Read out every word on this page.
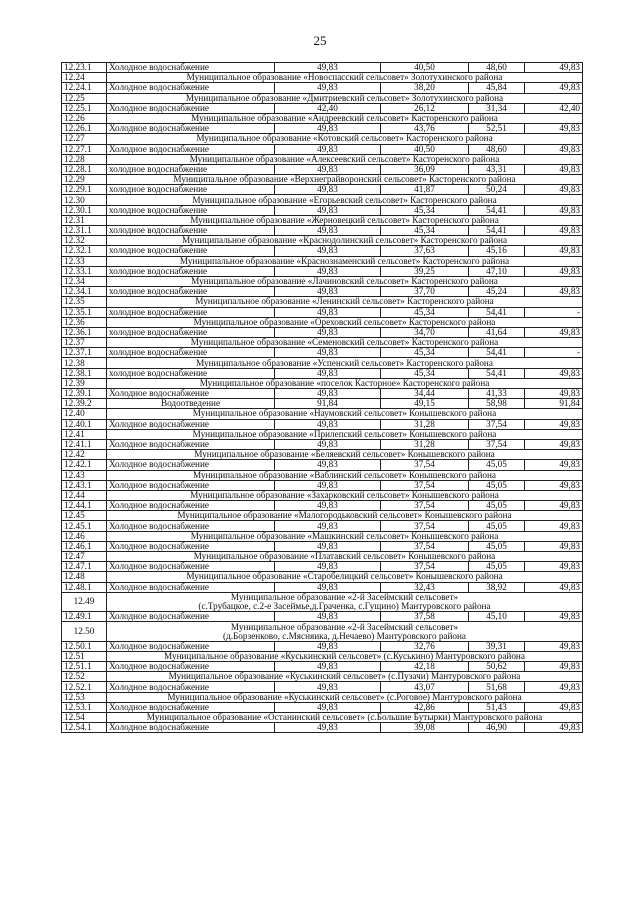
25
12.23.1	Холодное водоснабжение	49,83	40,50	48,60	49,83
12.24	Муниципальное образование «Новоспасский сельсовет» Золотухинского района				
12.24.1	Холодное водоснабжение	49,83	38,20	45,84	49,83
12.25	Муниципальное образование «Дмитриевский сельсовет» Золотухинского района				
12.25.1	Холодное водоснабжение	42,40	26,12	31,34	42,40
12.26	Муниципальное образование «Андреевский сельсовет» Касторенского района				
12.26.1	Холодное водоснабжение	49,83	43,76	52,51	49,83
12.27	Муниципальное образование «Котовский сельсовет» Касторенского района				
12.27.1	Холодное водоснабжение	49,83	40,50	48,60	49,83
12.28	Муниципальное образование «Алексеевский сельсовет» Касторенского района				
12.28.1	холодное водоснабжение	49,83	36,09	43,31	49,83
12.29	Муниципальное образование «Верхнеграйворонский сельсовет» Касторенского района				
12.29.1	холодное водоснабжение	49,83	41,87	50,24	49,83
12.30	Муниципальное образование «Егорьевский сельсовет» Касторенского района				
12.30.1	холодное водоснабжение	49,83	45,34	54,41	49,83
12.31	Муниципальное образование «Жерновецкий сельсовет» Касторенского района				
12.31.1	холодное водоснабжение	49,83	45,34	54,41	49,83
12.32	Муниципальное образование «Краснодолинский сельсовет» Касторенского района				
12.32.1	холодное водоснабжение	49,83	37,63	45,16	49,83
12.33	Муниципальное образование «Краснознаменский сельсовет» Касторенского района				
12.33.1	холодное водоснабжение	49,83	39,25	47,10	49,83
12.34	Муниципальное образование «Лачиновский сельсовет» Касторенского района				
12.34.1	холодное водоснабжение	49,83	37,70	45,24	49,83
12.35	Муниципальное образование «Ленинский сельсовет» Касторенского района				
12.35.1	холодное водоснабжение	49,83	45,34	54,41	-
12.36	Муниципальное образование «Ореховский сельсовет» Касторенского района				
12.36.1	холодное водоснабжение	49,83	34,70	41,64	49,83
12.37	Муниципальное образование «Семеновский сельсовет» Касторенского района				
12.37.1	холодное водоснабжение	49,83	45,34	54,41	-
12.38	Муниципальное образование «Успенский сельсовет» Касторенского района				
12.38.1	холодное водоснабжение	49,83	45,34	54,41	49,83
12.39	Муниципальное образование «поселок Касторное» Касторенского района				
12.39.1	Холодное водоснабжение	49,83	34,44	41,33	49,83
12.39.2	Водоотведение	91,84	49,15	58,98	91,84
12.40	Муниципальное образование «Наумовский сельсовет» Конышевского района				
12.40.1	Холодное водоснабжение	49,83	31,28	37,54	49,83
12.41	Муниципальное образование «Прилепский сельсовет» Конышевского района				
12.41.1	Холодное водоснабжение	49,83	31,28	37,54	49,83
12.42	Муниципальное образование «Беляевский сельсовет» Конышевского района				
12.42.1	Холодное водоснабжение	49,83	37,54	45,05	49,83
12.43	Муниципальное образование «Ваблинский сельсовет» Конышевского района				
12.43.1	Холодное водоснабжение	49,83	37,54	45,05	49,83
12.44	Муниципальное образование «Захарковский сельсовет» Конышевского района				
12.44.1	Холодное водоснабжение	49,83	37,54	45,05	49,83
12.45	Муниципальное образование «Малогородьковский сельсовет» Конышевского района				
12.45.1	Холодное водоснабжение	49,83	37,54	45,05	49,83
12.46	Муниципальное образование «Машкинский сельсовет» Конышевского района				
12.46.1	Холодное водоснабжение	49,83	37,54	45,05	49,83
12.47	Муниципальное образование «Платавский сельсовет» Конышевского района				
12.47.1	Холодное водоснабжение	49,83	37,54	45,05	49,83
12.48	Муниципальное образование «Старобелицкий сельсовет» Конышевского района				
12.48.1	Холодное водоснабжение	49,83	32,43	38,92	49,83
12.49	Муниципальное образование «2-й Засеймский сельсовет»
(с.Трубацкое, с.2-е Засеймье,д.Граченка, с.Гущино) Мантуровского района				

12.49.1	Холодное водоснабжение	49,83	37,58	45,10	49,83
12.50	Муниципальное образование «2-й Засеймский сельсовет»
(д.Борзенково, с.Мясняика, д.Нечаево) Мантуровского района				

12.50.1	Холодное водоснабжение	49,83	32,76	39,31	49,83
12.51	Муниципальное образование «Куськинский сельсовет» (с.Куськино) Мантуровского района				
12.51.1	Холодное водоснабжение	49,83	42,18	50,62	49,83
12.52	Муниципальное образование «Куськинский сельсовет» (с.Пузачи) Мантуровского района				
12.52.1	Холодное водоснабжение	49,83	43,07	51,68	49,83
12.53	Муниципальное образование «Куськинский сельсовет» (с.Роговое) Мантуровского района				
12.53.1	Холодное водоснабжение	49,83	42,86	51,43	49,83
12.54	Муниципальное образование «Останинский сельсовет» (с.Большие Бутырки) Мантуровского района				
12.54.1	Холодное водоснабжение	49,83	39,08	46,90	49,83
